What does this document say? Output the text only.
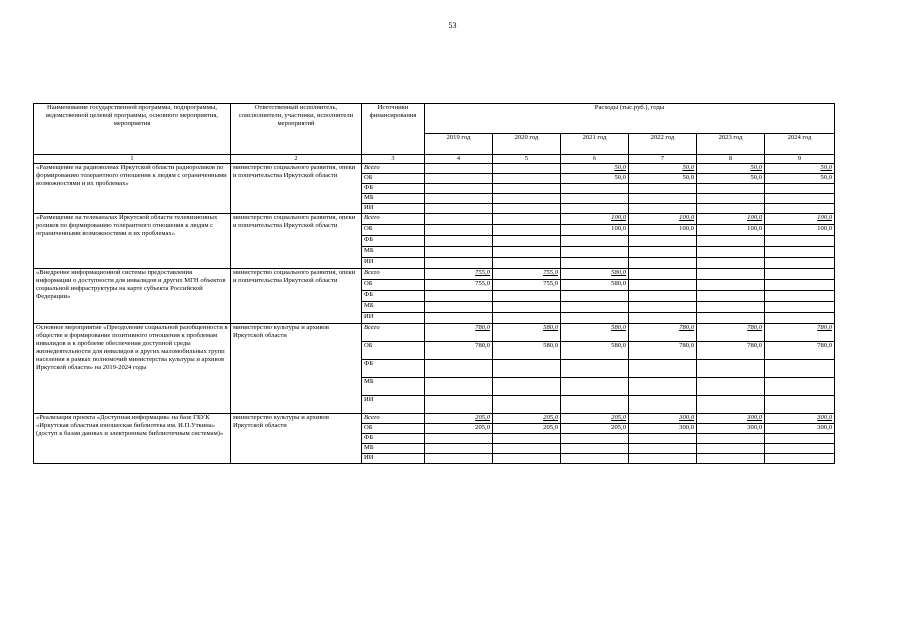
53
Наименование государственной программы, подпрограммы, ведомственной целевой программы, основного мероприятия, мероприятия	Ответственный исполнитель, соисполнители, участники, исполнители мероприятий	Источники финансирования	Расходы (тыс.руб.), годы					
			2019 год	2020 год	2021 год	2022 год	2023 год	2024 год
1	2	3	4	5	6	7	8	9
«Размещение на радиоволнах Иркутской области радиороликов по формированию толерантного отношения к людям с ограниченными возможностями и их проблемах»	министерство социального развития, опеки и попечительства Иркутской области	Всего			50,0	50,0	50,0	50,0
		ОБ			50,0	50,0	50,0	50,0
		ФБ						
		МБ						
		ИИ						
«Размещение на телеканалах Иркутской области телевизионных роликов по формированию толерантного отношения к людям с ограниченными возможностями и их проблемах»	министерство социального развития, опеки и попечительства Иркутской области	Всего			100,0	100,0	100,0	100,0
		ОБ			100,0	100,0	100,0	100,0
		ФБ						
		МБ						
		ИИ						
«Внедрение информационной системы предоставления информации о доступности для инвалидов и других МГН объектов социальной инфраструктуры на карте субъекта Российской Федерации»	министерство социального развития, опеки и попечительства Иркутской области	Всего	755,0	755,0	580,0			
		ОБ	755,0	755,0	580,0			
		ФБ						
		МБ						
		ИИ						
Основное мероприятие «Преодоление социальной разобщенности в обществе и формирование позитивного отношения к проблемам инвалидов и к проблеме обеспечения доступной среды жизнедеятельности для инвалидов и других маломобильных групп населения в рамках полномочий министерства культуры и архивов Иркутской области» на 2019-2024 годы	министерство культуры и архивов Иркутской области	Всего	780,0	580,0	580,0	780,0	780,0	780,0
		ОБ	780,0	580,0	580,0	780,0	780,0	780,0
		ФБ						
		МБ						
		ИИ						
«Реализация проекта «Доступная информация» на базе ГБУК «Иркутская областная юношеская библиотека им. И.П.Уткина» (доступ к базам данных и электронным библиотечным системам)»	министерство культуры и архивов Иркутской области	Всего	205,0	205,0	205,0	300,0	300,0	300,0
		ОБ	205,0	205,0	205,0	300,0	300,0	300,0
		ФБ						
		МБ						
		ИИ						
